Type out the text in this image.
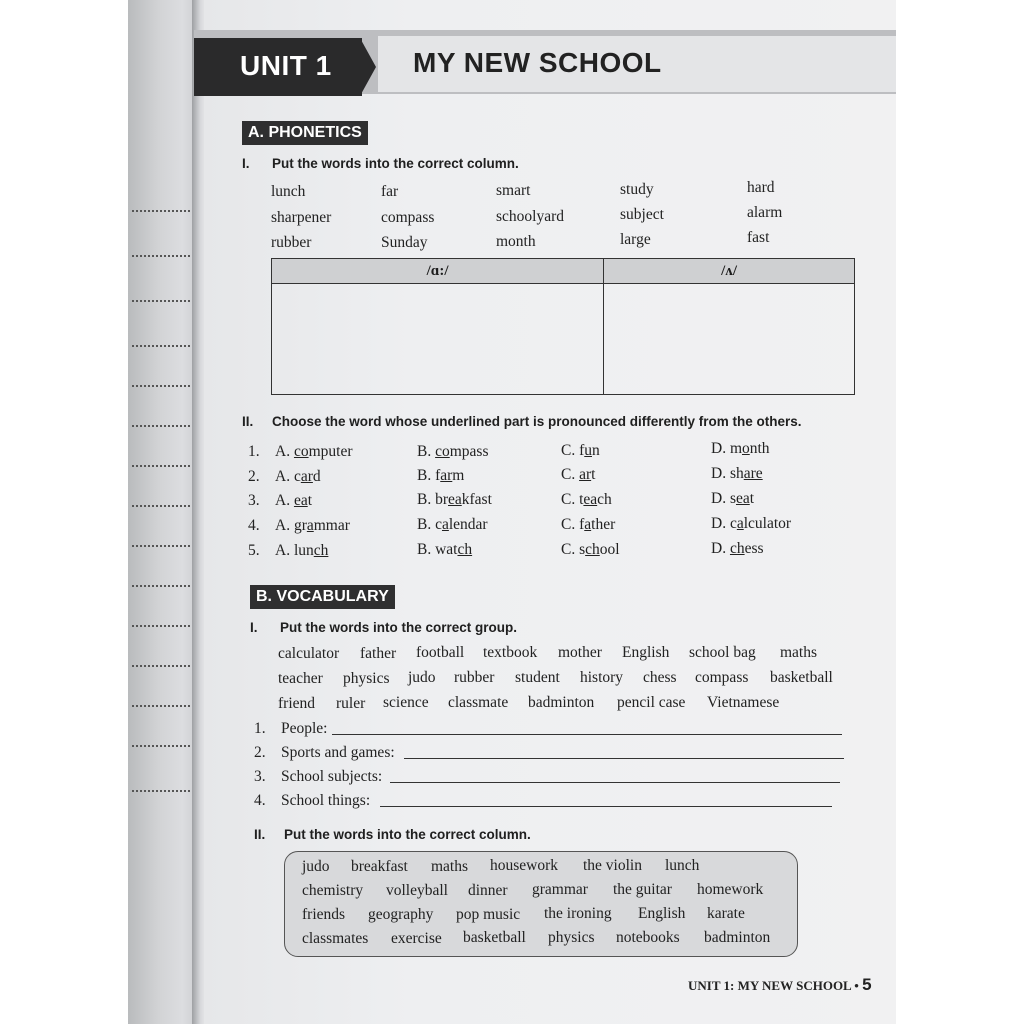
UNIT 1	MY NEW SCHOOL
A. PHONETICS
I. Put the words into the correct column.
lunch	far	smart	study	hard
sharpener	compass	schoolyard	subject	alarm
rubber	Sunday	month	large	fast
/ɑ:/	/ʌ/

II. Choose the word whose underlined part is pronounced differently from the others.
1. A. computer	B. compass	C. fun	D. month
2. A. card	B. farm	C. art	D. share
3. A. eat	B. breakfast	C. teach	D. seat
4. A. grammar	B. calendar	C. father	D. calculator
5. A. lunch	B. watch	C. school	D. chess
B. VOCABULARY
I. Put the words into the correct group.
calculator father football textbook mother English school bag maths
teacher physics judo rubber student history chess compass basketball
friend ruler science classmate badminton pencil case Vietnamese
1. People:
2. Sports and games:
3. School subjects:
4. School things:
II. Put the words into the correct column.
judo breakfast maths housework the violin lunch
chemistry volleyball dinner grammar the guitar homework
friends geography pop music the ironing English karate
classmates exercise basketball physics notebooks badminton
UNIT 1: MY NEW SCHOOL • 5
